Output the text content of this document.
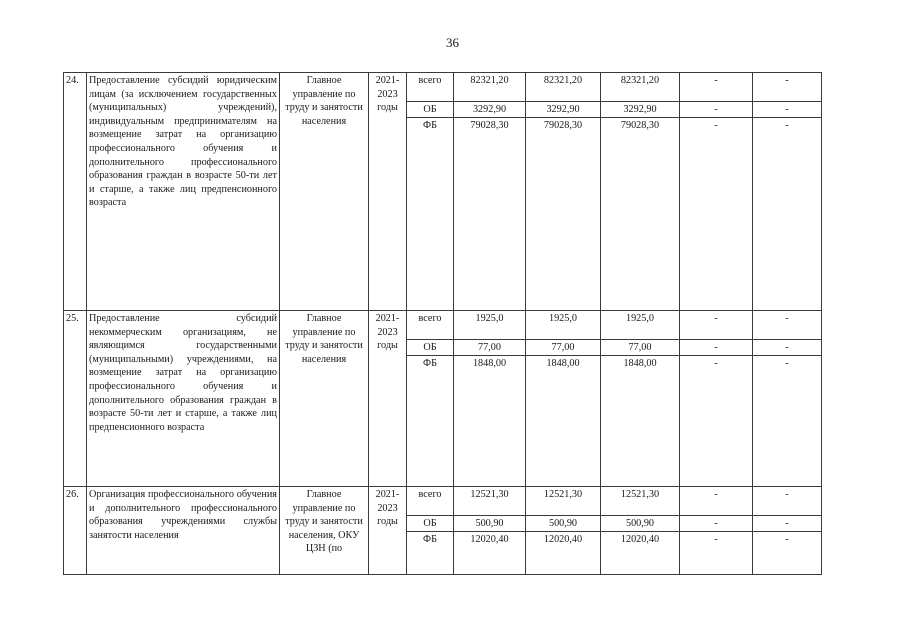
36
24.	Предоставление субсидий юридическим лицам (за исключением государственных (муниципальных) учреждений), индивидуальным предпринимателям на возмещение затрат на организацию профессионального обучения и дополнительного профессионального образования граждан в возрасте 50-ти лет и старше, а также лиц предпенсионного возраста	Главное управление по труду и занятости населения	2021-2023 годы	всего	82321,20	82321,20	82321,20	-	-
				ОБ	3292,90	3292,90	3292,90	-	-
				ФБ	79028,30	79028,30	79028,30	-	-
25.	Предоставление субсидий некоммерческим организациям, не являющимся государственными (муниципальными) учреждениями, на возмещение затрат на организацию профессионального обучения и дополнительного образования граждан в возрасте 50-ти лет и старше, а также лиц предпенсионного возраста	Главное управление по труду и занятости населения	2021-2023 годы	всего	1925,0	1925,0	1925,0	-	-
				ОБ	77,00	77,00	77,00	-	-
				ФБ	1848,00	1848,00	1848,00	-	-
26.	Организация профессионального обучения и дополнительного профессионального образования учреждениями службы занятости населения	Главное управление по труду и занятости населения, ОКУ ЦЗН (по	2021-2023 годы	всего	12521,30	12521,30	12521,30	-	-
				ОБ	500,90	500,90	500,90	-	-
				ФБ	12020,40	12020,40	12020,40	-	-
